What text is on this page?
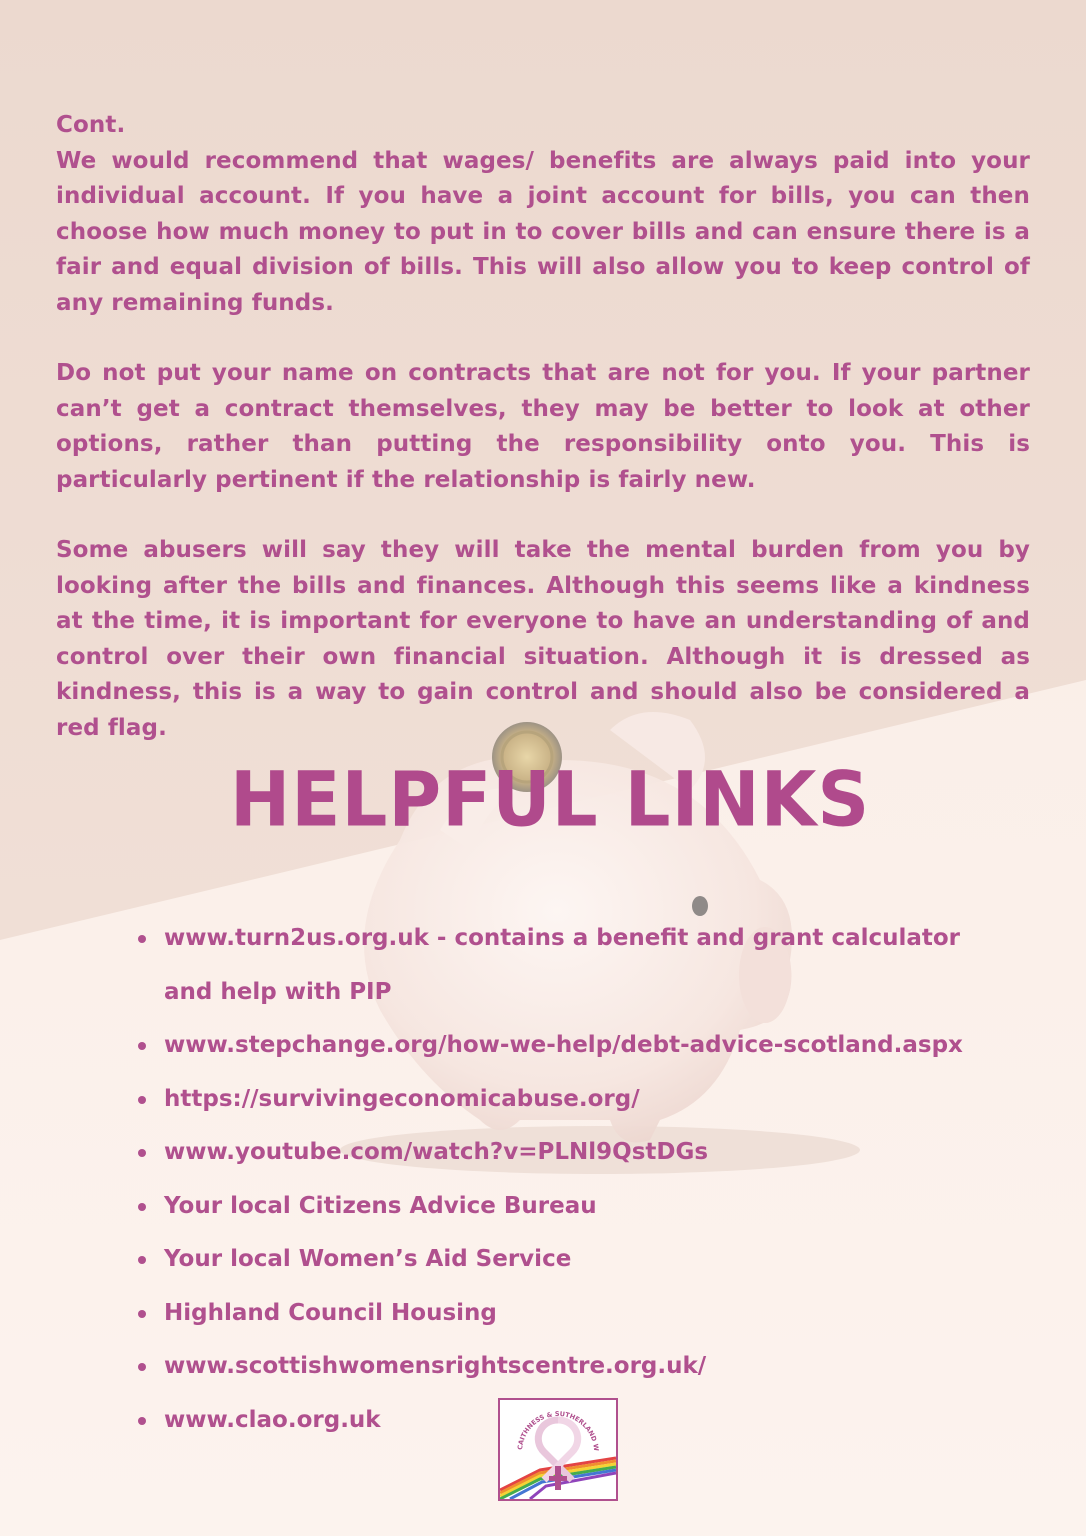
Cont.

We would recommend that wages/ benefits are always paid into your individual account. If you have a joint account for bills, you can then choose how much money to put in to cover bills and can ensure there is a fair and equal division of bills. This will also allow you to keep control of any remaining funds.

Do not put your name on contracts that are not for you. If your partner can’t get a contract themselves, they may be better to look at other options, rather than putting the responsibility onto you. This is particularly pertinent if the relationship is fairly new.

Some abusers will say they will take the mental burden from you by looking after the bills and finances. Although this seems like a kindness at the time, it is important for everyone to have an understanding of and control over their own financial situation. Although it is dressed as kindness, this is a way to gain control and should also be considered a red flag.

HELPFUL LINKS
www.turn2us.org.uk - contains a benefit and grant calculator
and help with PIP
www.stepchange.org/how-we-help/debt-advice-scotland.aspx
https://survivingeconomicabuse.org/
www.youtube.com/watch?v=PLNl9QstDGs
Your local Citizens Advice Bureau
Your local Women’s Aid Service
Highland Council Housing
www.scottishwomensrightscentre.org.uk/
www.clao.org.uk
CAITHNESS & SUTHERLAND W
